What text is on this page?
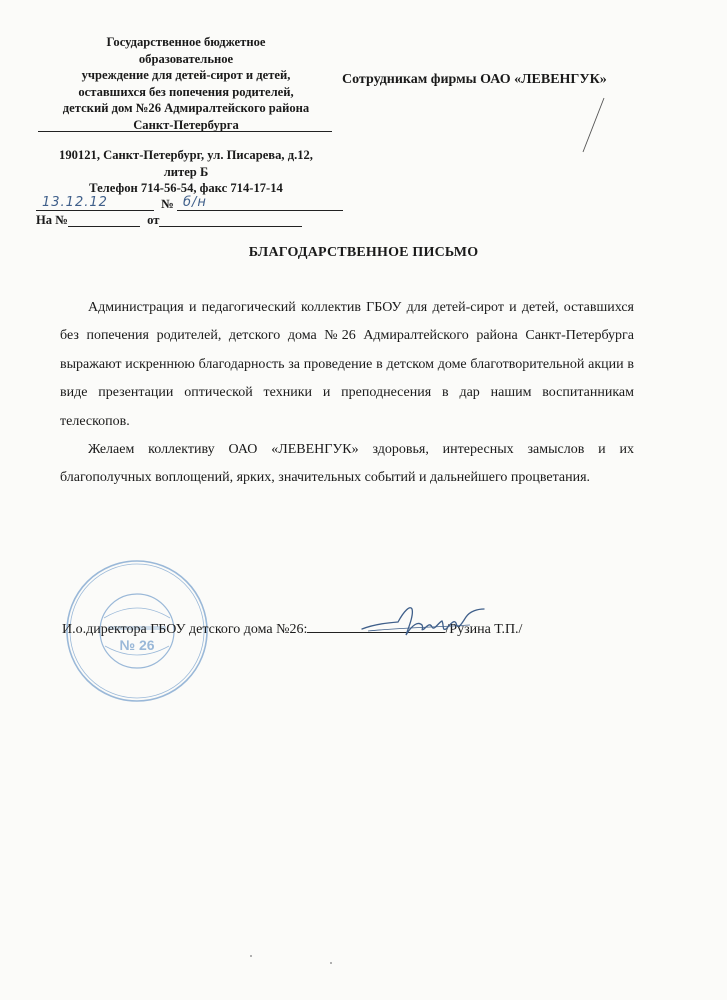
Государственное бюджетное
образовательное
учреждение для детей-сирот и детей,
оставшихся без попечения родителей,
детский дом №26 Адмиралтейского района
Санкт-Петербурга
190121, Санкт-Петербург, ул. Писарева, д.12,
литер Б
Телефон 714-56-54, факс 714-17-14
13.12.12	№ б/н
На №	от
Сотрудникам фирмы ОАО «ЛЕВЕНГУК»
БЛАГОДАРСТВЕННОЕ ПИСЬМО

Администрация и педагогический коллектив ГБОУ для детей-сирот и детей, оставшихся без попечения родителей, детского дома №26 Адмиралтейского района Санкт-Петербурга выражают искреннюю благодарность за проведение в детском доме благотворительной акции в виде презентации оптической техники и преподнесения в дар нашим воспитанникам телескопов.

Желаем коллективу ОАО «ЛЕВЕНГУК» здоровья, интересных замыслов и их благополучных воплощений, ярких, значительных событий и дальнейшего процветания.

№ 26
И.о.директора ГБОУ детского дома №26:	/Рузина Т.П./
